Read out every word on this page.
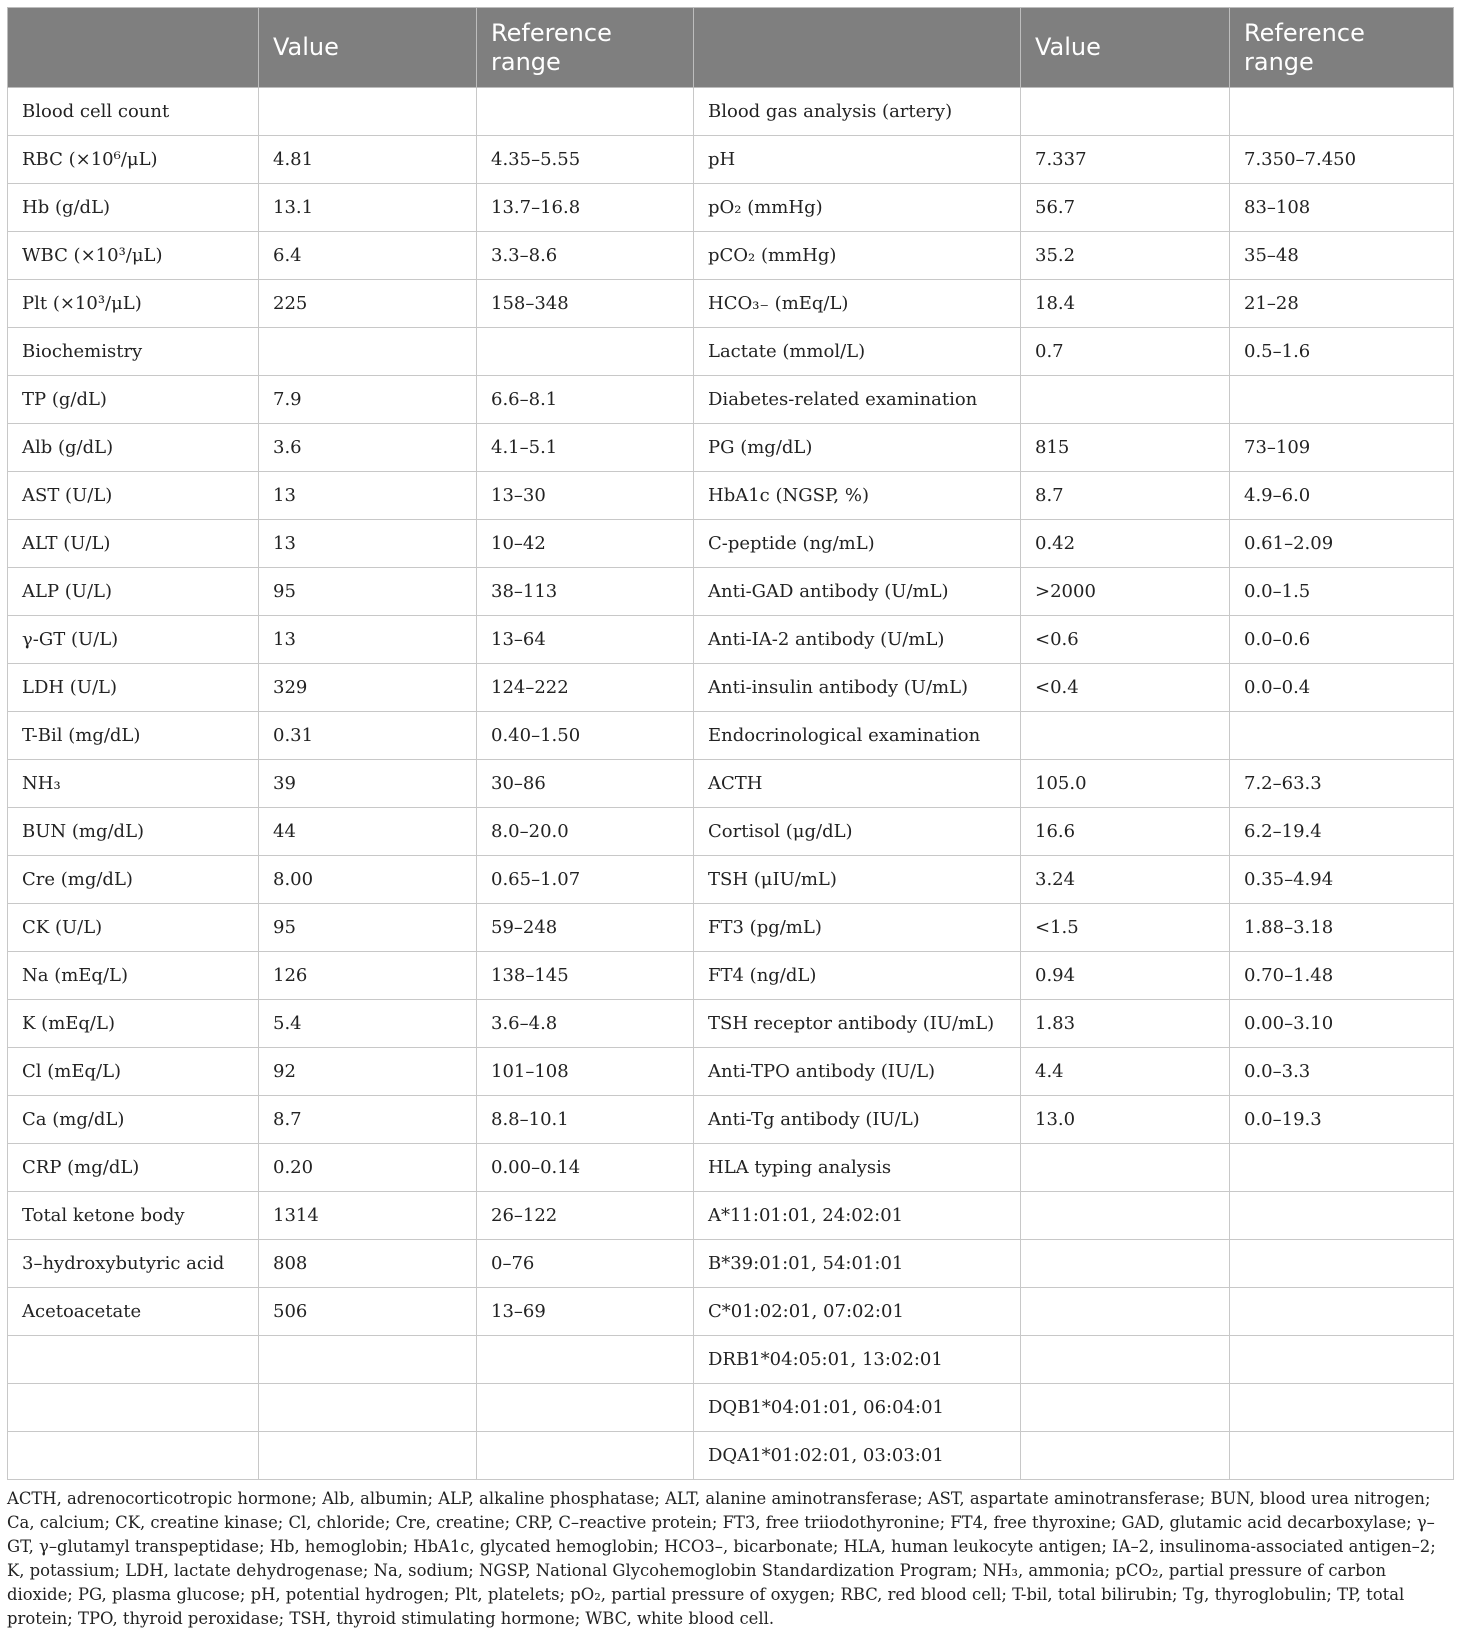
	Value	Reference range		Value	Reference range
Blood cell count			Blood gas analysis (artery)		
RBC (×10⁶/μL)	4.81	4.35–5.55	pH	7.337	7.350–7.450
Hb (g/dL)	13.1	13.7–16.8	pO₂ (mmHg)	56.7	83–108
WBC (×10³/μL)	6.4	3.3–8.6	pCO₂ (mmHg)	35.2	35–48
Plt (×10³/μL)	225	158–348	HCO₃₋ (mEq/L)	18.4	21–28
Biochemistry			Lactate (mmol/L)	0.7	0.5–1.6
TP (g/dL)	7.9	6.6–8.1	Diabetes-related examination		
Alb (g/dL)	3.6	4.1–5.1	PG (mg/dL)	815	73–109
AST (U/L)	13	13–30	HbA1c (NGSP, %)	8.7	4.9–6.0
ALT (U/L)	13	10–42	C-peptide (ng/mL)	0.42	0.61–2.09
ALP (U/L)	95	38–113	Anti-GAD antibody (U/mL)	>2000	0.0–1.5
γ-GT (U/L)	13	13–64	Anti-IA-2 antibody (U/mL)	<0.6	0.0–0.6
LDH (U/L)	329	124–222	Anti-insulin antibody (U/mL)	<0.4	0.0–0.4
T-Bil (mg/dL)	0.31	0.40–1.50	Endocrinological examination		
NH₃	39	30–86	ACTH	105.0	7.2–63.3
BUN (mg/dL)	44	8.0–20.0	Cortisol (μg/dL)	16.6	6.2–19.4
Cre (mg/dL)	8.00	0.65–1.07	TSH (μIU/mL)	3.24	0.35–4.94
CK (U/L)	95	59–248	FT3 (pg/mL)	<1.5	1.88–3.18
Na (mEq/L)	126	138–145	FT4 (ng/dL)	0.94	0.70–1.48
K (mEq/L)	5.4	3.6–4.8	TSH receptor antibody (IU/mL)	1.83	0.00–3.10
Cl (mEq/L)	92	101–108	Anti-TPO antibody (IU/L)	4.4	0.0–3.3
Ca (mg/dL)	8.7	8.8–10.1	Anti-Tg antibody (IU/L)	13.0	0.0–19.3
CRP (mg/dL)	0.20	0.00–0.14	HLA typing analysis		
Total ketone body	1314	26–122	A*11:01:01, 24:02:01		
3–hydroxybutyric acid	808	0–76	B*39:01:01, 54:01:01		
Acetoacetate	506	13–69	C*01:02:01, 07:02:01		
			DRB1*04:05:01, 13:02:01		
			DQB1*04:01:01, 06:04:01		
			DQA1*01:02:01, 03:03:01		

ACTH, adrenocorticotropic hormone; Alb, albumin; ALP, alkaline phosphatase; ALT, alanine aminotransferase; AST, aspartate aminotransferase; BUN, blood urea nitrogen; Ca, calcium; CK, creatine kinase; Cl, chloride; Cre, creatine; CRP, C–reactive protein; FT3, free triiodothyronine; FT4, free thyroxine; GAD, glutamic acid decarboxylase; γ–GT, γ–glutamyl transpeptidase; Hb, hemoglobin; HbA1c, glycated hemoglobin; HCO3–, bicarbonate; HLA, human leukocyte antigen; IA–2, insulinoma-associated antigen–2; K, potassium; LDH, lactate dehydrogenase; Na, sodium; NGSP, National Glycohemoglobin Standardization Program; NH₃, ammonia; pCO₂, partial pressure of carbon dioxide; PG, plasma glucose; pH, potential hydrogen; Plt, platelets; pO₂, partial pressure of oxygen; RBC, red blood cell; T-bil, total bilirubin; Tg, thyroglobulin; TP, total protein; TPO, thyroid peroxidase; TSH, thyroid stimulating hormone; WBC, white blood cell.
